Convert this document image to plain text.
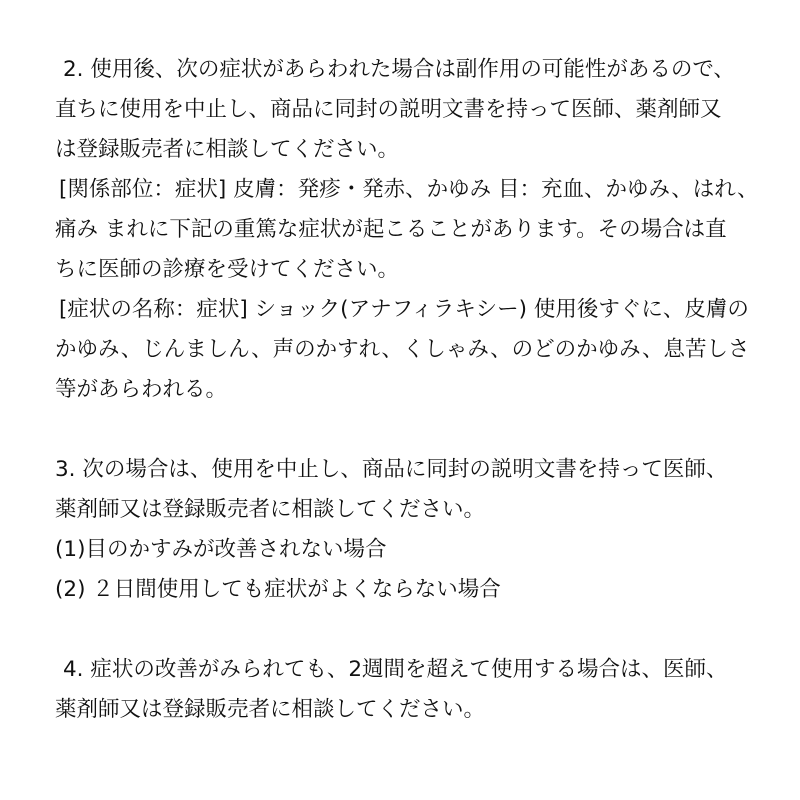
2. 使用後、次の症状があらわれた場合は副作用の可能性があるので、
直ちに使用を中止し、商品に同封の説明文書を持って医師、薬剤師又
は登録販売者に相談してください。
[関係部位：症状] 皮膚：発疹・発赤、かゆみ 目：充血、かゆみ、はれ、
痛み まれに下記の重篤な症状が起こることがあります。その場合は直
ちに医師の診療を受けてください。
[症状の名称：症状] ショック(アナフィラキシー) 使用後すぐに、皮膚の
かゆみ、じんましん、声のかすれ、くしゃみ、のどのかゆみ、息苦しさ
等があらわれる。
3. 次の場合は、使用を中止し、商品に同封の説明文書を持って医師、
薬剤師又は登録販売者に相談してください。
(1)目のかすみが改善されない場合
(2) ２日間使用しても症状がよくならない場合
4. 症状の改善がみられても、2週間を超えて使用する場合は、医師、
薬剤師又は登録販売者に相談してください。
